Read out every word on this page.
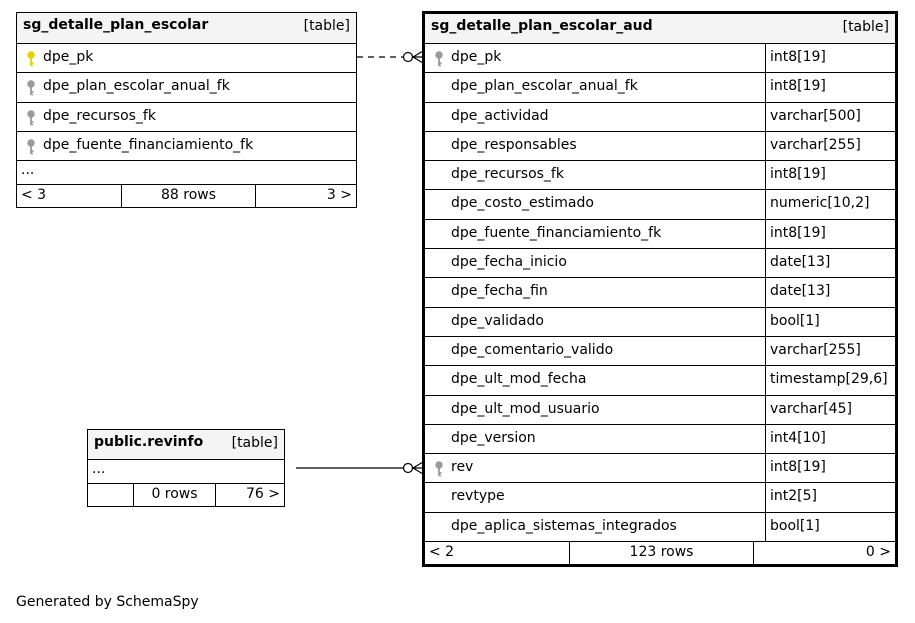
sg_detalle_plan_escolar	[table]
dpe_pk
dpe_plan_escolar_anual_fk
dpe_recursos_fk
dpe_fuente_financiamiento_fk
...
< 3	88 rows	3 >
public.revinfo [table]
...
0 rows	76 >
sg_detalle_plan_escolar_aud	[table]
dpe_pk	int8[19]
dpe_plan_escolar_anual_fk	int8[19]
dpe_actividad	varchar[500]
dpe_responsables	varchar[255]
dpe_recursos_fk	int8[19]
dpe_costo_estimado	numeric[10,2]
dpe_fuente_financiamiento_fk	int8[19]
dpe_fecha_inicio	date[13]
dpe_fecha_fin	date[13]
dpe_validado	bool[1]
dpe_comentario_valido	varchar[255]
dpe_ult_mod_fecha	timestamp[29,6]
dpe_ult_mod_usuario	varchar[45]
dpe_version	int4[10]
rev	int8[19]
revtype	int2[5]
dpe_aplica_sistemas_integrados	bool[1]
< 2	123 rows	0 >
Generated by SchemaSpy
